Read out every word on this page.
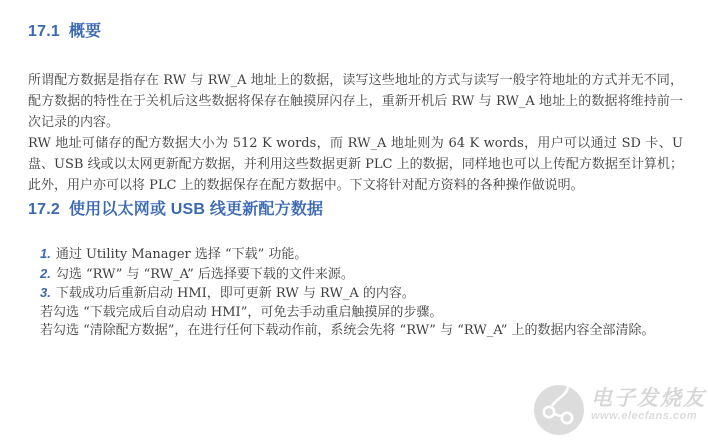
17.1 概要

所谓配方数据是指存在 RW 与 RW_A 地址上的数据，读写这些地址的方式与读写一般字符地址的方式并无不同，配方数据的特性在于关机后这些数据将保存在触摸屏闪存上，重新开机后 RW 与 RW_A 地址上的数据将维持前一次记录的内容。

RW 地址可储存的配方数据大小为 512 K words，而 RW_A 地址则为 64 K words，用户可以通过 SD 卡、U 盘、USB 线或以太网更新配方数据，并利用这些数据更新 PLC 上的数据，同样地也可以上传配方数据至计算机；此外，用户亦可以将 PLC 上的数据保存在配方数据中。下文将针对配方资料的各种操作做说明。

17.2 使用以太网或 USB 线更新配方数据
1. 通过 Utility Manager 选择 “下载” 功能。
2. 勾选 “RW” 与 “RW_A” 后选择要下载的文件来源。
3. 下载成功后重新启动 HMI，即可更新 RW 与 RW_A 的内容。
若勾选 “下载完成后自动启动 HMI”，可免去手动重启触摸屏的步骤。
若勾选 “清除配方数据”，在进行任何下载动作前，系统会先将 “RW” 与 “RW_A” 上的数据内容全部清除。
电子发烧友
www.elecfans.com
